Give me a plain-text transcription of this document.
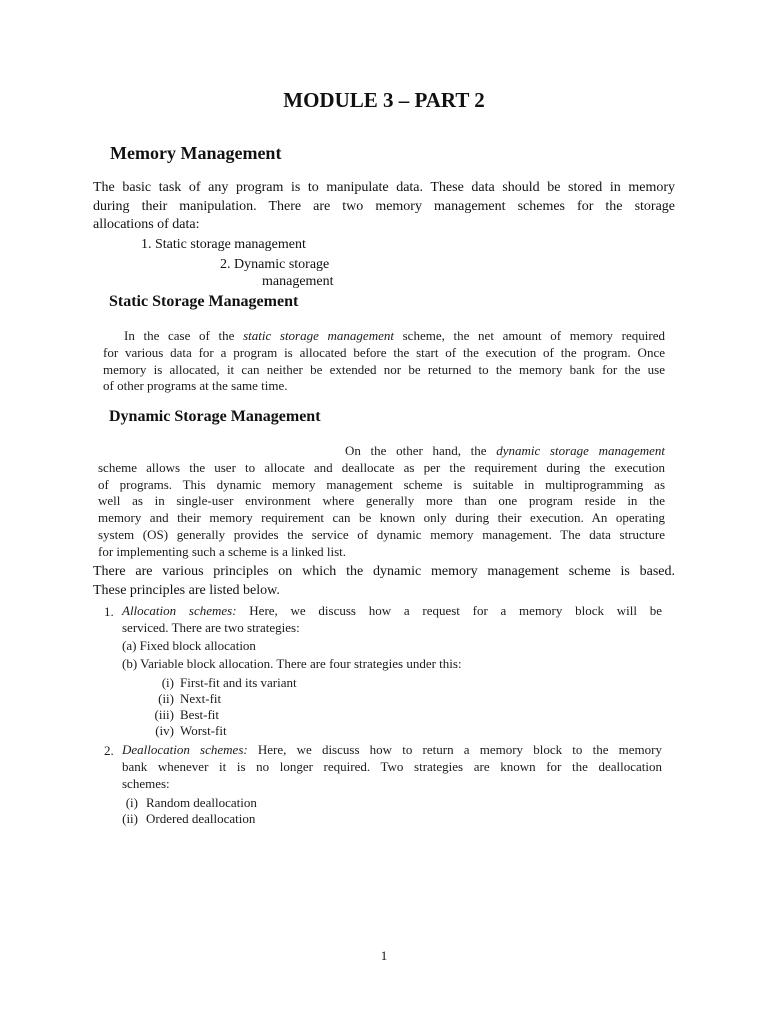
MODULE 3 – PART 2
Memory Management
The basic task of any program is to manipulate data. These data should be stored in memory
during their manipulation. There are two memory management schemes for the storage
allocations of data:
1. Static storage management
2. Dynamic storage
management
Static Storage Management
In the case of the static storage management scheme, the net amount of memory required
for various data for a program is allocated before the start of the execution of the program. Once
memory is allocated, it can neither be extended nor be returned to the memory bank for the use
of other programs at the same time.
Dynamic Storage Management
On the other hand, the dynamic storage management
scheme allows the user to allocate and deallocate as per the requirement during the execution
of programs. This dynamic memory management scheme is suitable in multiprogramming as
well as in single-user environment where generally more than one program reside in the
memory and their memory requirement can be known only during their execution. An operating
system (OS) generally provides the service of dynamic memory management. The data structure
for implementing such a scheme is a linked list.
There are various principles on which the dynamic memory management scheme is based.
These principles are listed below.
1. Allocation schemes: Here, we discuss how a request for a memory block will be
serviced. There are two strategies:
(a) Fixed block allocation
(b) Variable block allocation. There are four strategies under this:
(i) First-fit and its variant
(ii) Next-fit
(iii) Best-fit
(iv) Worst-fit
2. Deallocation schemes: Here, we discuss how to return a memory block to the memory
bank whenever it is no longer required. Two strategies are known for the deallocation
schemes:
(i) Random deallocation
(ii) Ordered deallocation
1
